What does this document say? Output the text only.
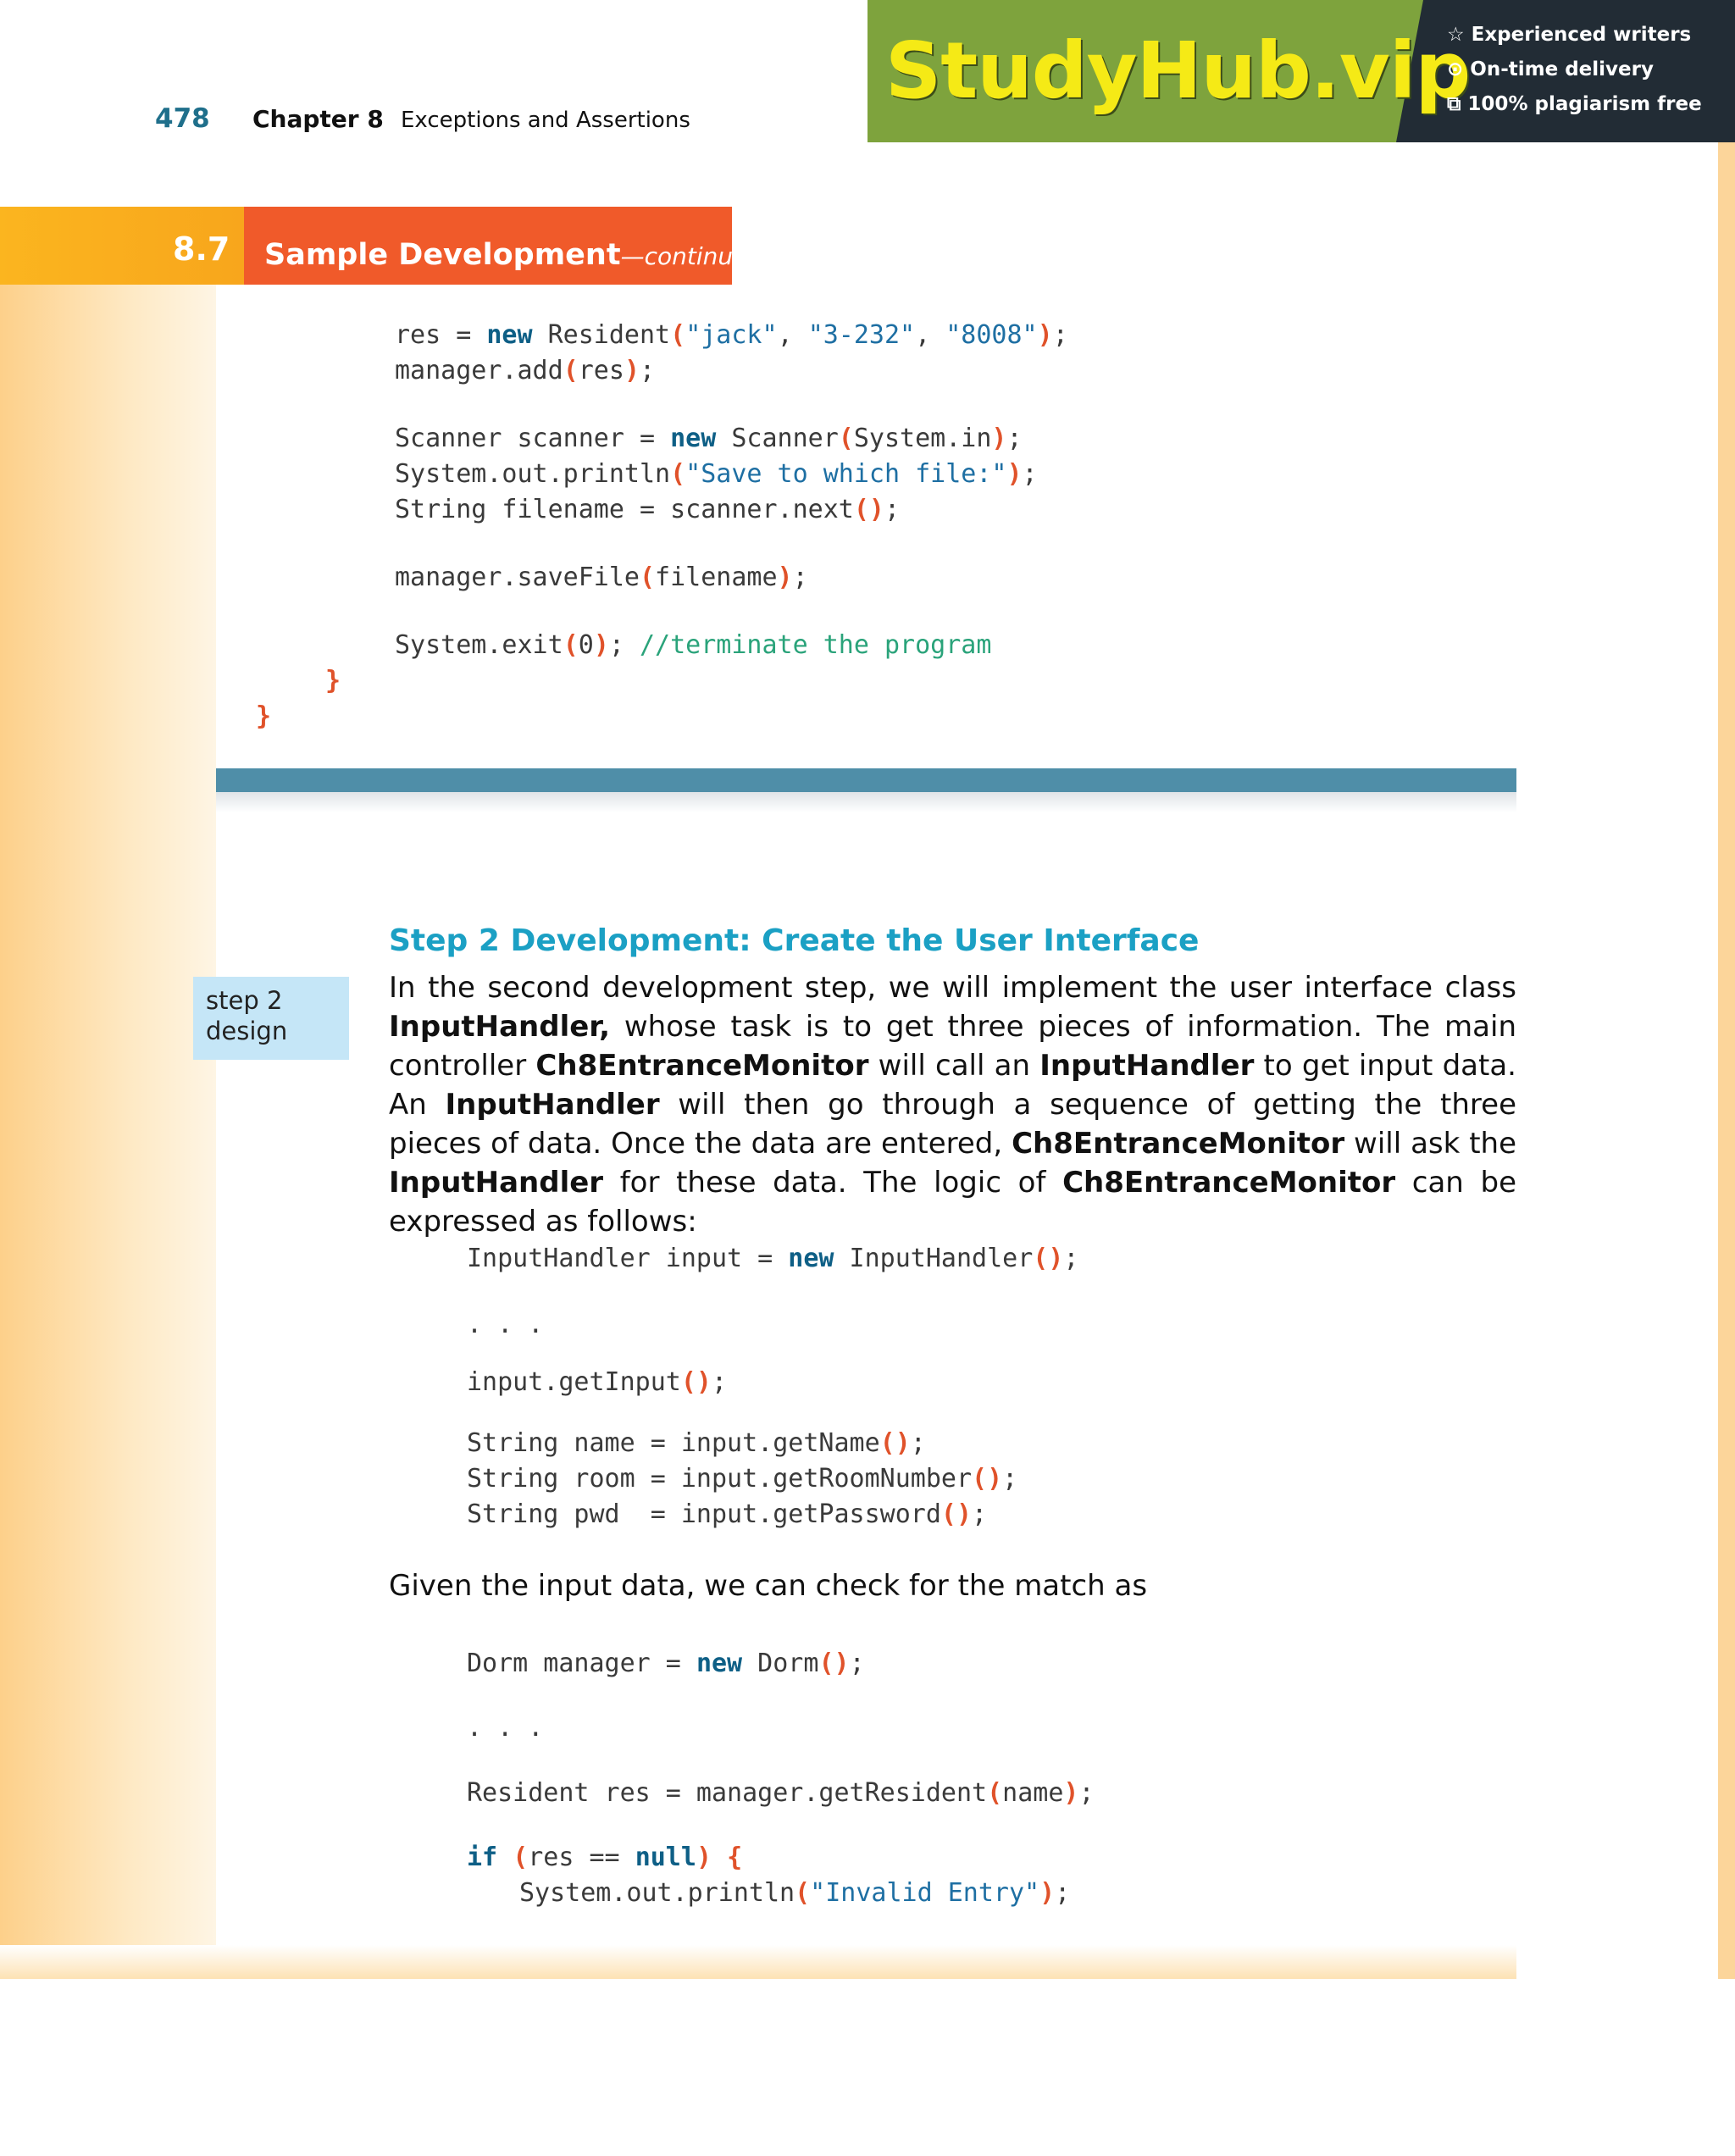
478 Chapter 8 Exceptions and Assertions
StudyHub.vip
☆ Experienced writers
⊙ On-time delivery
⧉ 100% plagiarism free
8.7 Sample Development—continued
res = new Resident("jack", "3-232", "8008");
manager.add(res);
Scanner scanner = new Scanner(System.in);
System.out.println("Save to which file:");
String filename = scanner.next();
manager.saveFile(filename);
System.exit(0); //terminate the program
}
}
Step 2 Development: Create the User Interface
step 2
design
In the second development step, we will implement the user interface class InputHandler, whose task is to get three pieces of information. The main controller Ch8EntranceMonitor will call an InputHandler to get input data. An InputHandler will then go through a sequence of getting the three pieces of data. Once the data are entered, Ch8EntranceMonitor will ask the InputHandler for these data. The logic of Ch8EntranceMonitor can be expressed as follows:
InputHandler input = new InputHandler();
. . .
input.getInput();
String name = input.getName();
String room = input.getRoomNumber();
String pwd  = input.getPassword();
Given the input data, we can check for the match as
Dorm manager = new Dorm();
. . .
Resident res = manager.getResident(name);
if (res == null) {
System.out.println("Invalid Entry");
